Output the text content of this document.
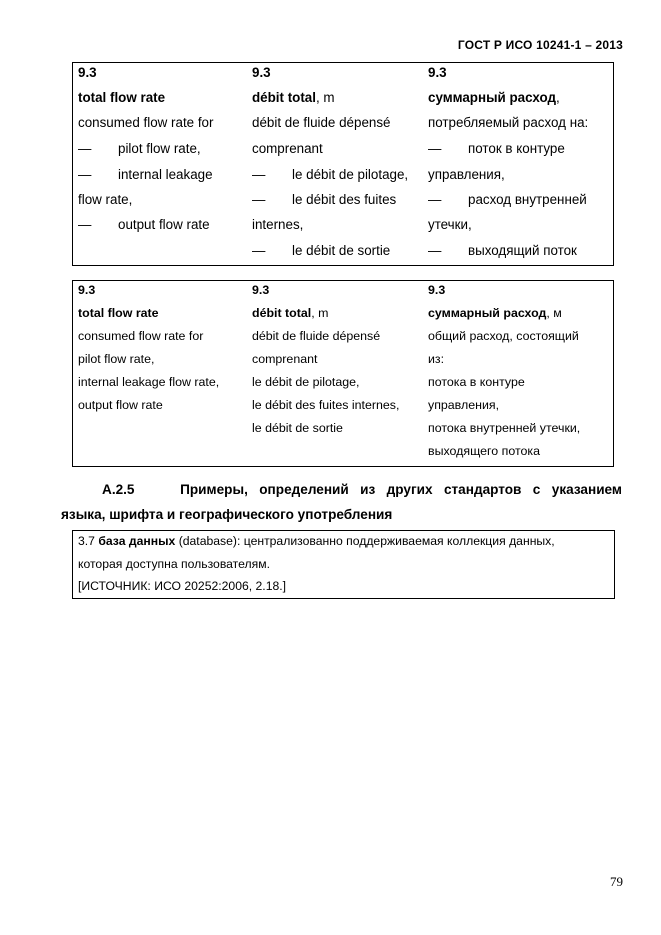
ГОСТ Р ИСО 10241-1 – 2013
9.3
total flow rate
consumed flow rate for
— pilot flow rate,
— internal leakage
flow rate,
— output flow rate
9.3
débit total, m
débit de fluide dépensé
comprenant
— le débit de pilotage,
— le débit des fuites
internes,
— le débit de sortie
9.3
суммарный расход,
потребляемый расход на:
— поток в контуре
управления,
— расход внутренней
утечки,
— выходящий поток
9.3
total flow rate
consumed flow rate for
pilot flow rate,
internal leakage flow rate,
output flow rate
9.3
débit total, m
débit de fluide dépensé
comprenant
le débit de pilotage,
le débit des fuites internes,
le débit de sortie
9.3
суммарный расход, м
общий расход, состоящий
из:
потока в контуре
управления,
потока внутренней утечки,
выходящего потока
A.2.5	Примеры, определений из других стандартов с указанием
языка, шрифта и географического употребления
3.7 база данных (database): централизованно поддерживаемая коллекция данных,
которая доступна пользователям.
[ИСТОЧНИК: ИСО 20252:2006, 2.18.]
79
